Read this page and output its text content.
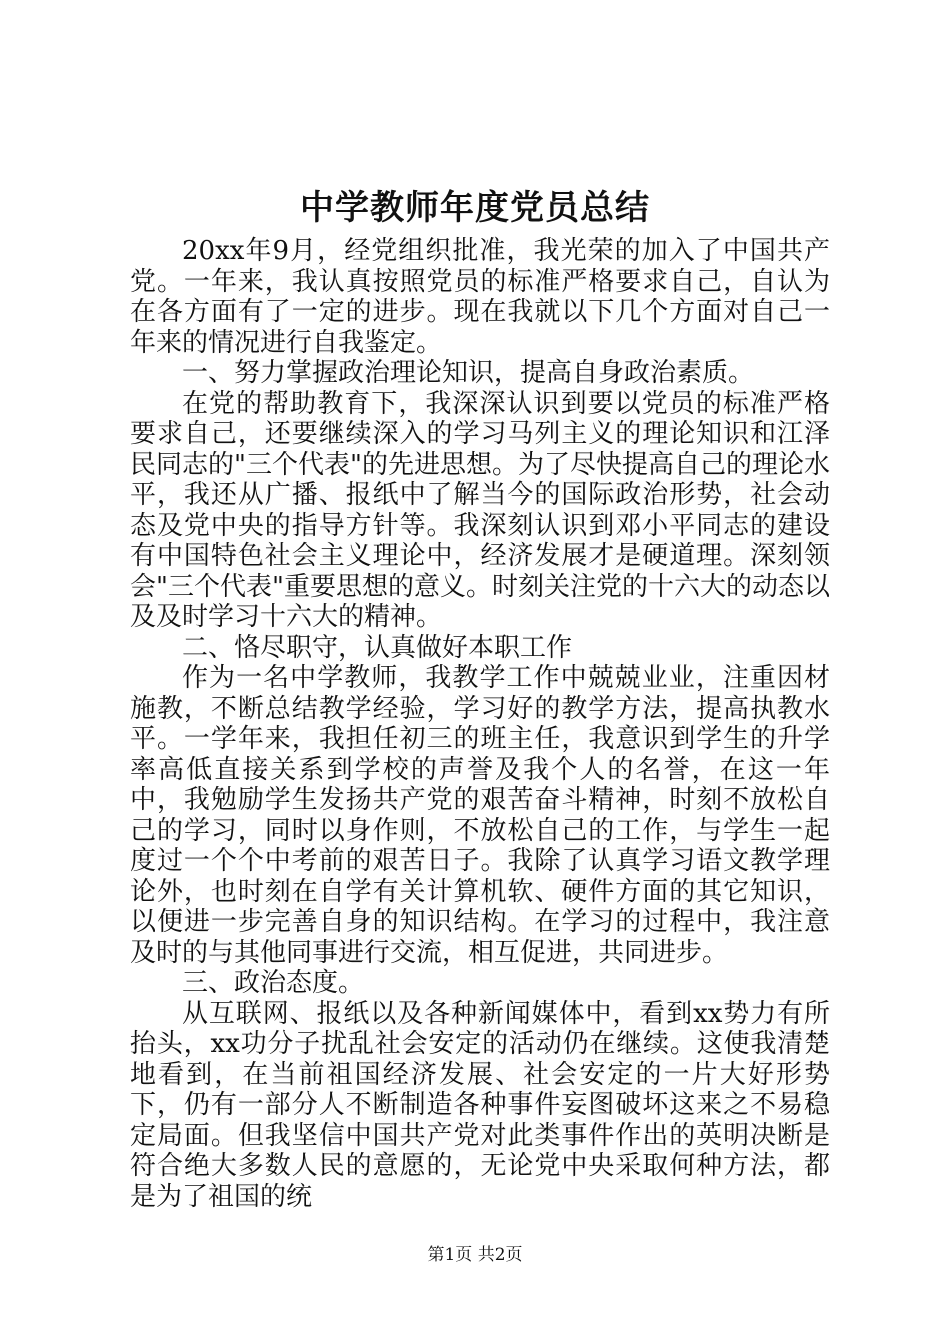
中学教师年度党员总结

20xx年9月，经党组织批准，我光荣的加入了中国共产党。一年来，我认真按照党员的标准严格要求自己，自认为在各方面有了一定的进步。现在我就以下几个方面对自己一年来的情况进行自我鉴定。

一、努力掌握政治理论知识，提高自身政治素质。

在党的帮助教育下，我深深认识到要以党员的标准严格要求自己，还要继续深入的学习马列主义的理论知识和江泽民同志的"三个代表"的先进思想。为了尽快提高自己的理论水平，我还从广播、报纸中了解当今的国际政治形势，社会动态及党中央的指导方针等。我深刻认识到邓小平同志的建设有中国特色社会主义理论中，经济发展才是硬道理。深刻领会"三个代表"重要思想的意义。时刻关注党的十六大的动态以及及时学习十六大的精神。

二、恪尽职守，认真做好本职工作

作为一名中学教师，我教学工作中兢兢业业，注重因材施教，不断总结教学经验，学习好的教学方法，提高执教水平。一学年来，我担任初三的班主任，我意识到学生的升学率高低直接关系到学校的声誉及我个人的名誉，在这一年中，我勉励学生发扬共产党的艰苦奋斗精神，时刻不放松自己的学习，同时以身作则，不放松自己的工作，与学生一起度过一个个中考前的艰苦日子。我除了认真学习语文教学理论外，也时刻在自学有关计算机软、硬件方面的其它知识，以便进一步完善自身的知识结构。在学习的过程中，我注意及时的与其他同事进行交流，相互促进，共同进步。

三、政治态度。

从互联网、报纸以及各种新闻媒体中，看到xx势力有所抬头，xx功分子扰乱社会安定的活动仍在继续。这使我清楚地看到，在当前祖国经济发展、社会安定的一片大好形势下，仍有一部分人不断制造各种事件妄图破坏这来之不易稳定局面。但我坚信中国共产党对此类事件作出的英明决断是符合绝大多数人民的意愿的，无论党中央采取何种方法，都是为了祖国的统

第1页 共2页
